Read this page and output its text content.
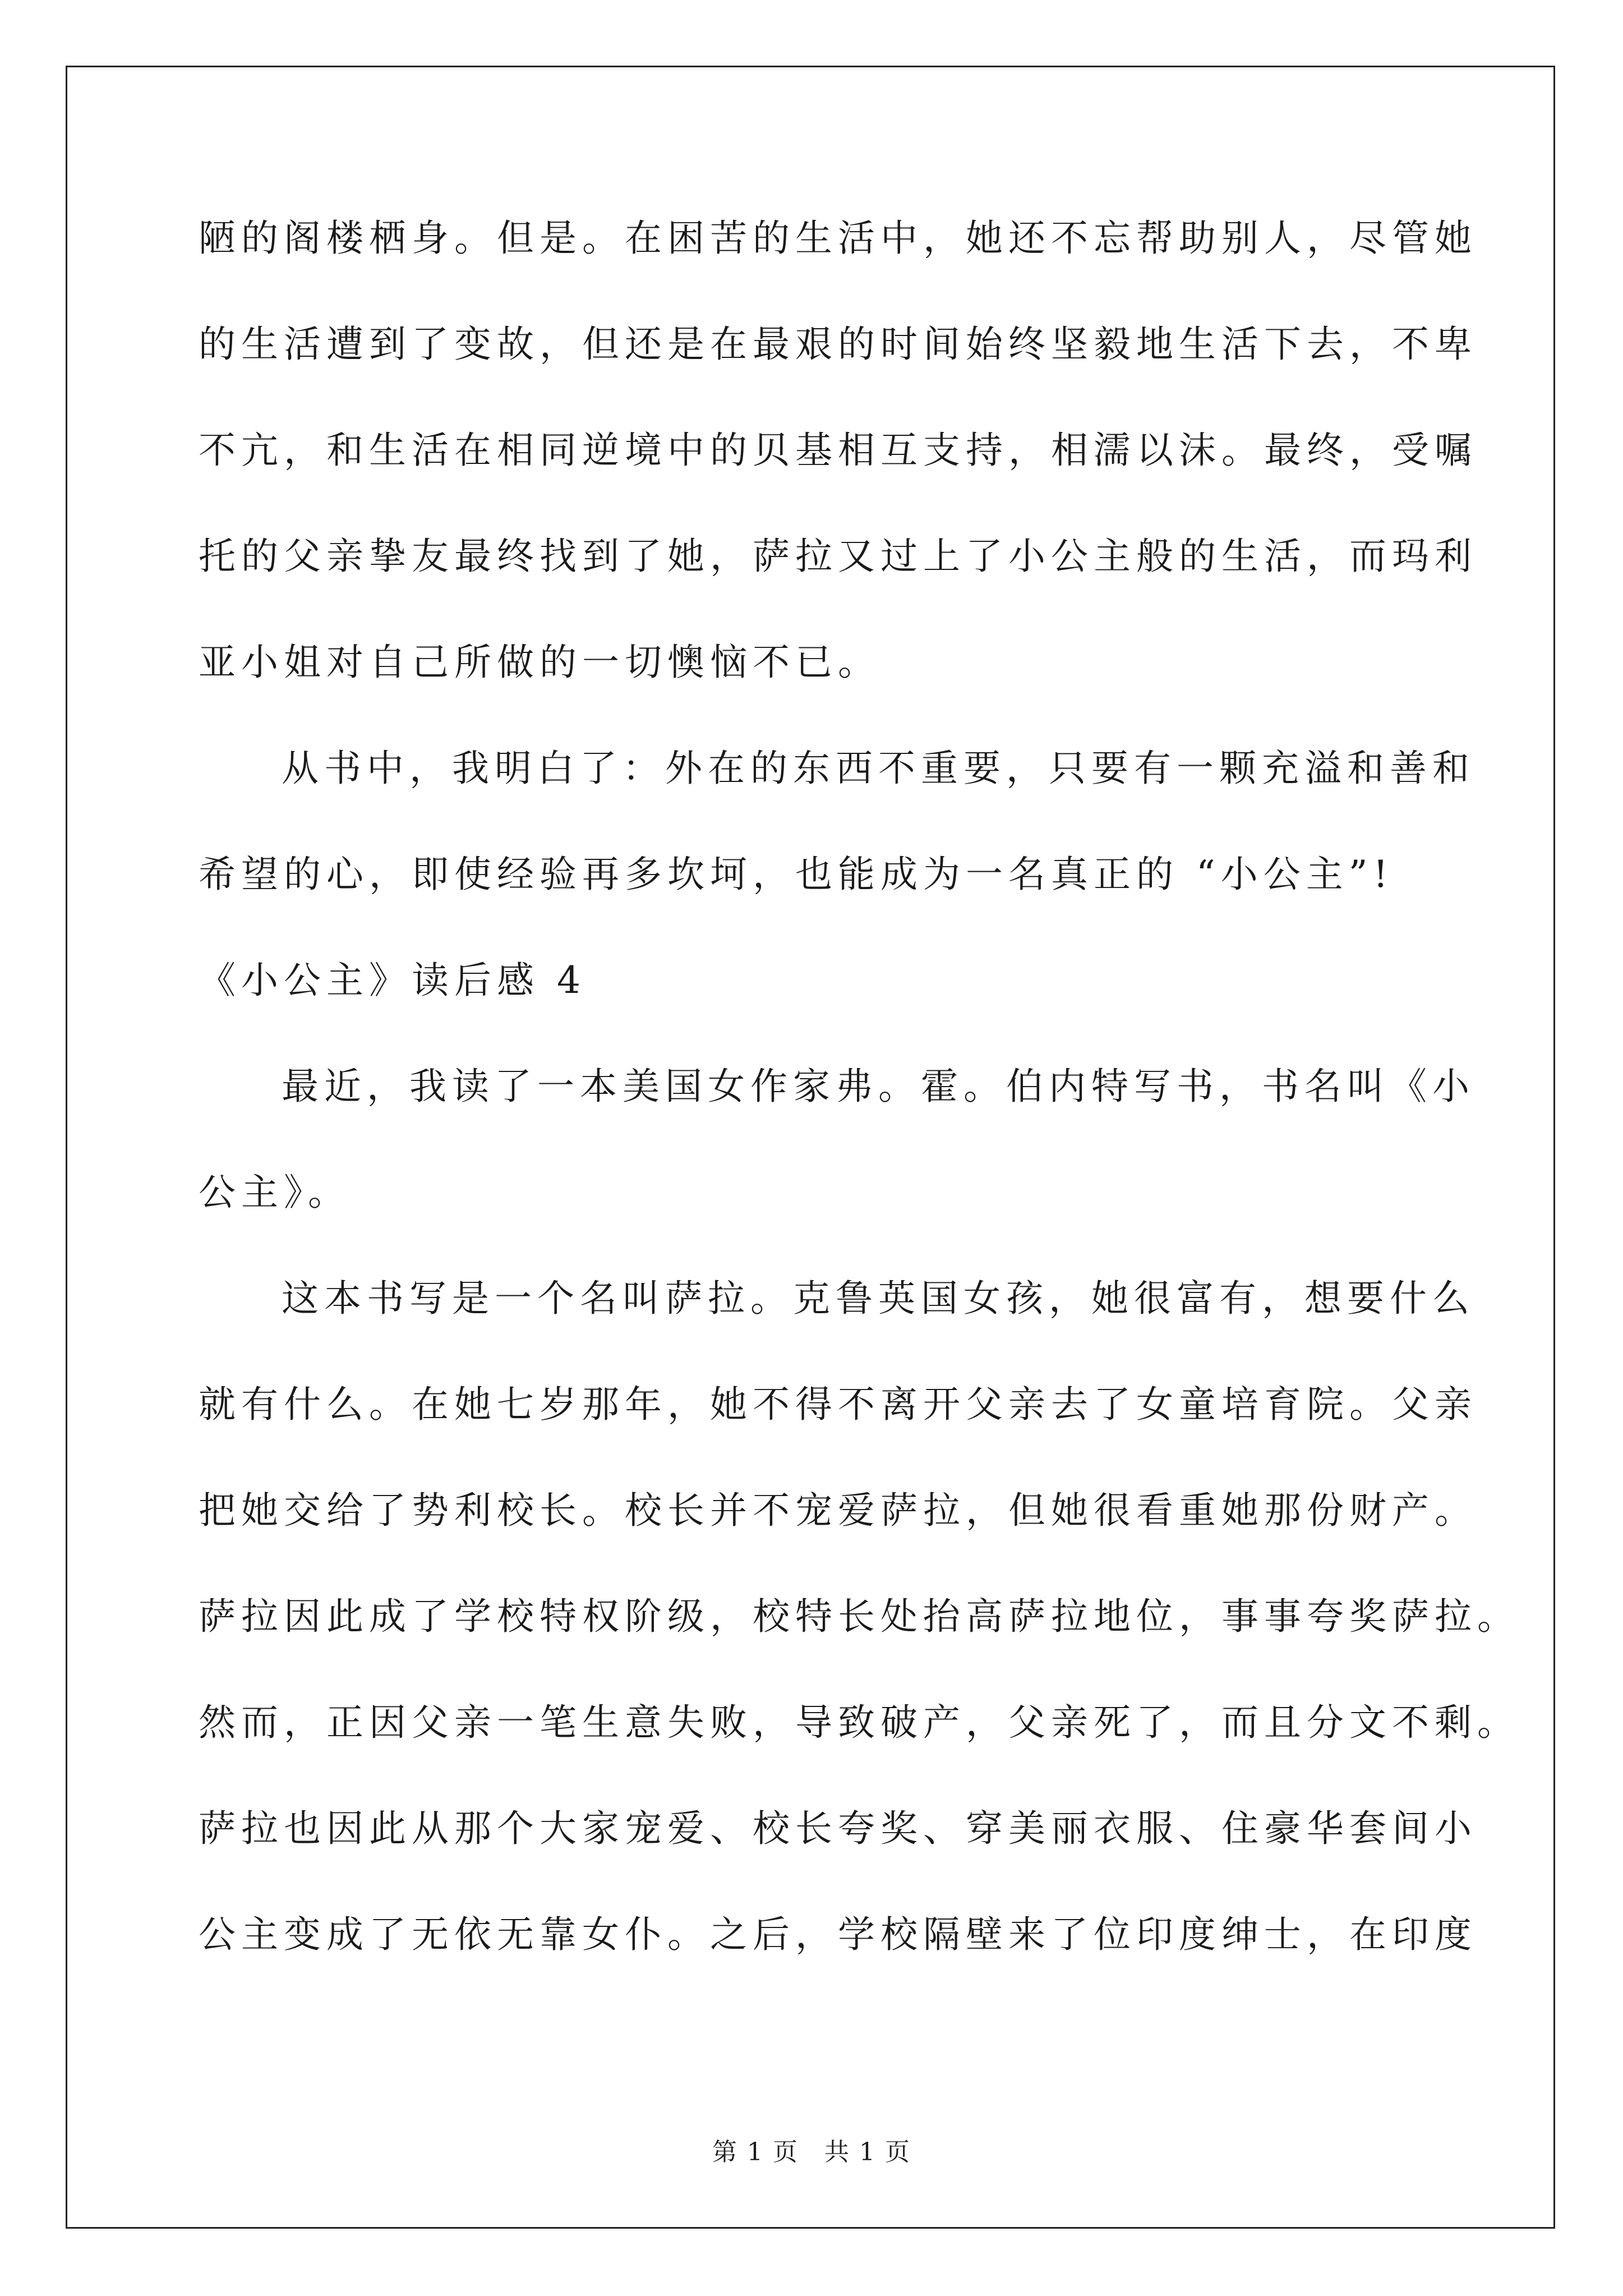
陋的阁楼栖身。但是。在困苦的生活中，她还不忘帮助别人，尽管她
的生活遭到了变故，但还是在最艰的时间始终坚毅地生活下去，不卑
不亢，和生活在相同逆境中的贝基相互支持，相濡以沫。最终，受嘱
托的父亲挚友最终找到了她，萨拉又过上了小公主般的生活，而玛利
亚小姐对自己所做的一切懊恼不已。
从书中，我明白了：外在的东西不重要，只要有一颗充溢和善和
希望的心，即使经验再多坎坷，也能成为一名真正的 “小公主”!
《小公主》读后感 4
最近，我读了一本美国女作家弗。霍。伯内特写书，书名叫《小
公主》。
这本书写是一个名叫萨拉。克鲁英国女孩，她很富有，想要什么
就有什么。在她七岁那年，她不得不离开父亲去了女童培育院。父亲
把她交给了势利校长。校长并不宠爱萨拉，但她很看重她那份财产。
萨拉因此成了学校特权阶级，校特长处抬高萨拉地位，事事夸奖萨拉。
然而，正因父亲一笔生意失败，导致破产，父亲死了，而且分文不剩。
萨拉也因此从那个大家宠爱、校长夸奖、穿美丽衣服、住豪华套间小
公主变成了无依无靠女仆。之后，学校隔壁来了位印度绅士，在印度
第 1 页　共 1 页
